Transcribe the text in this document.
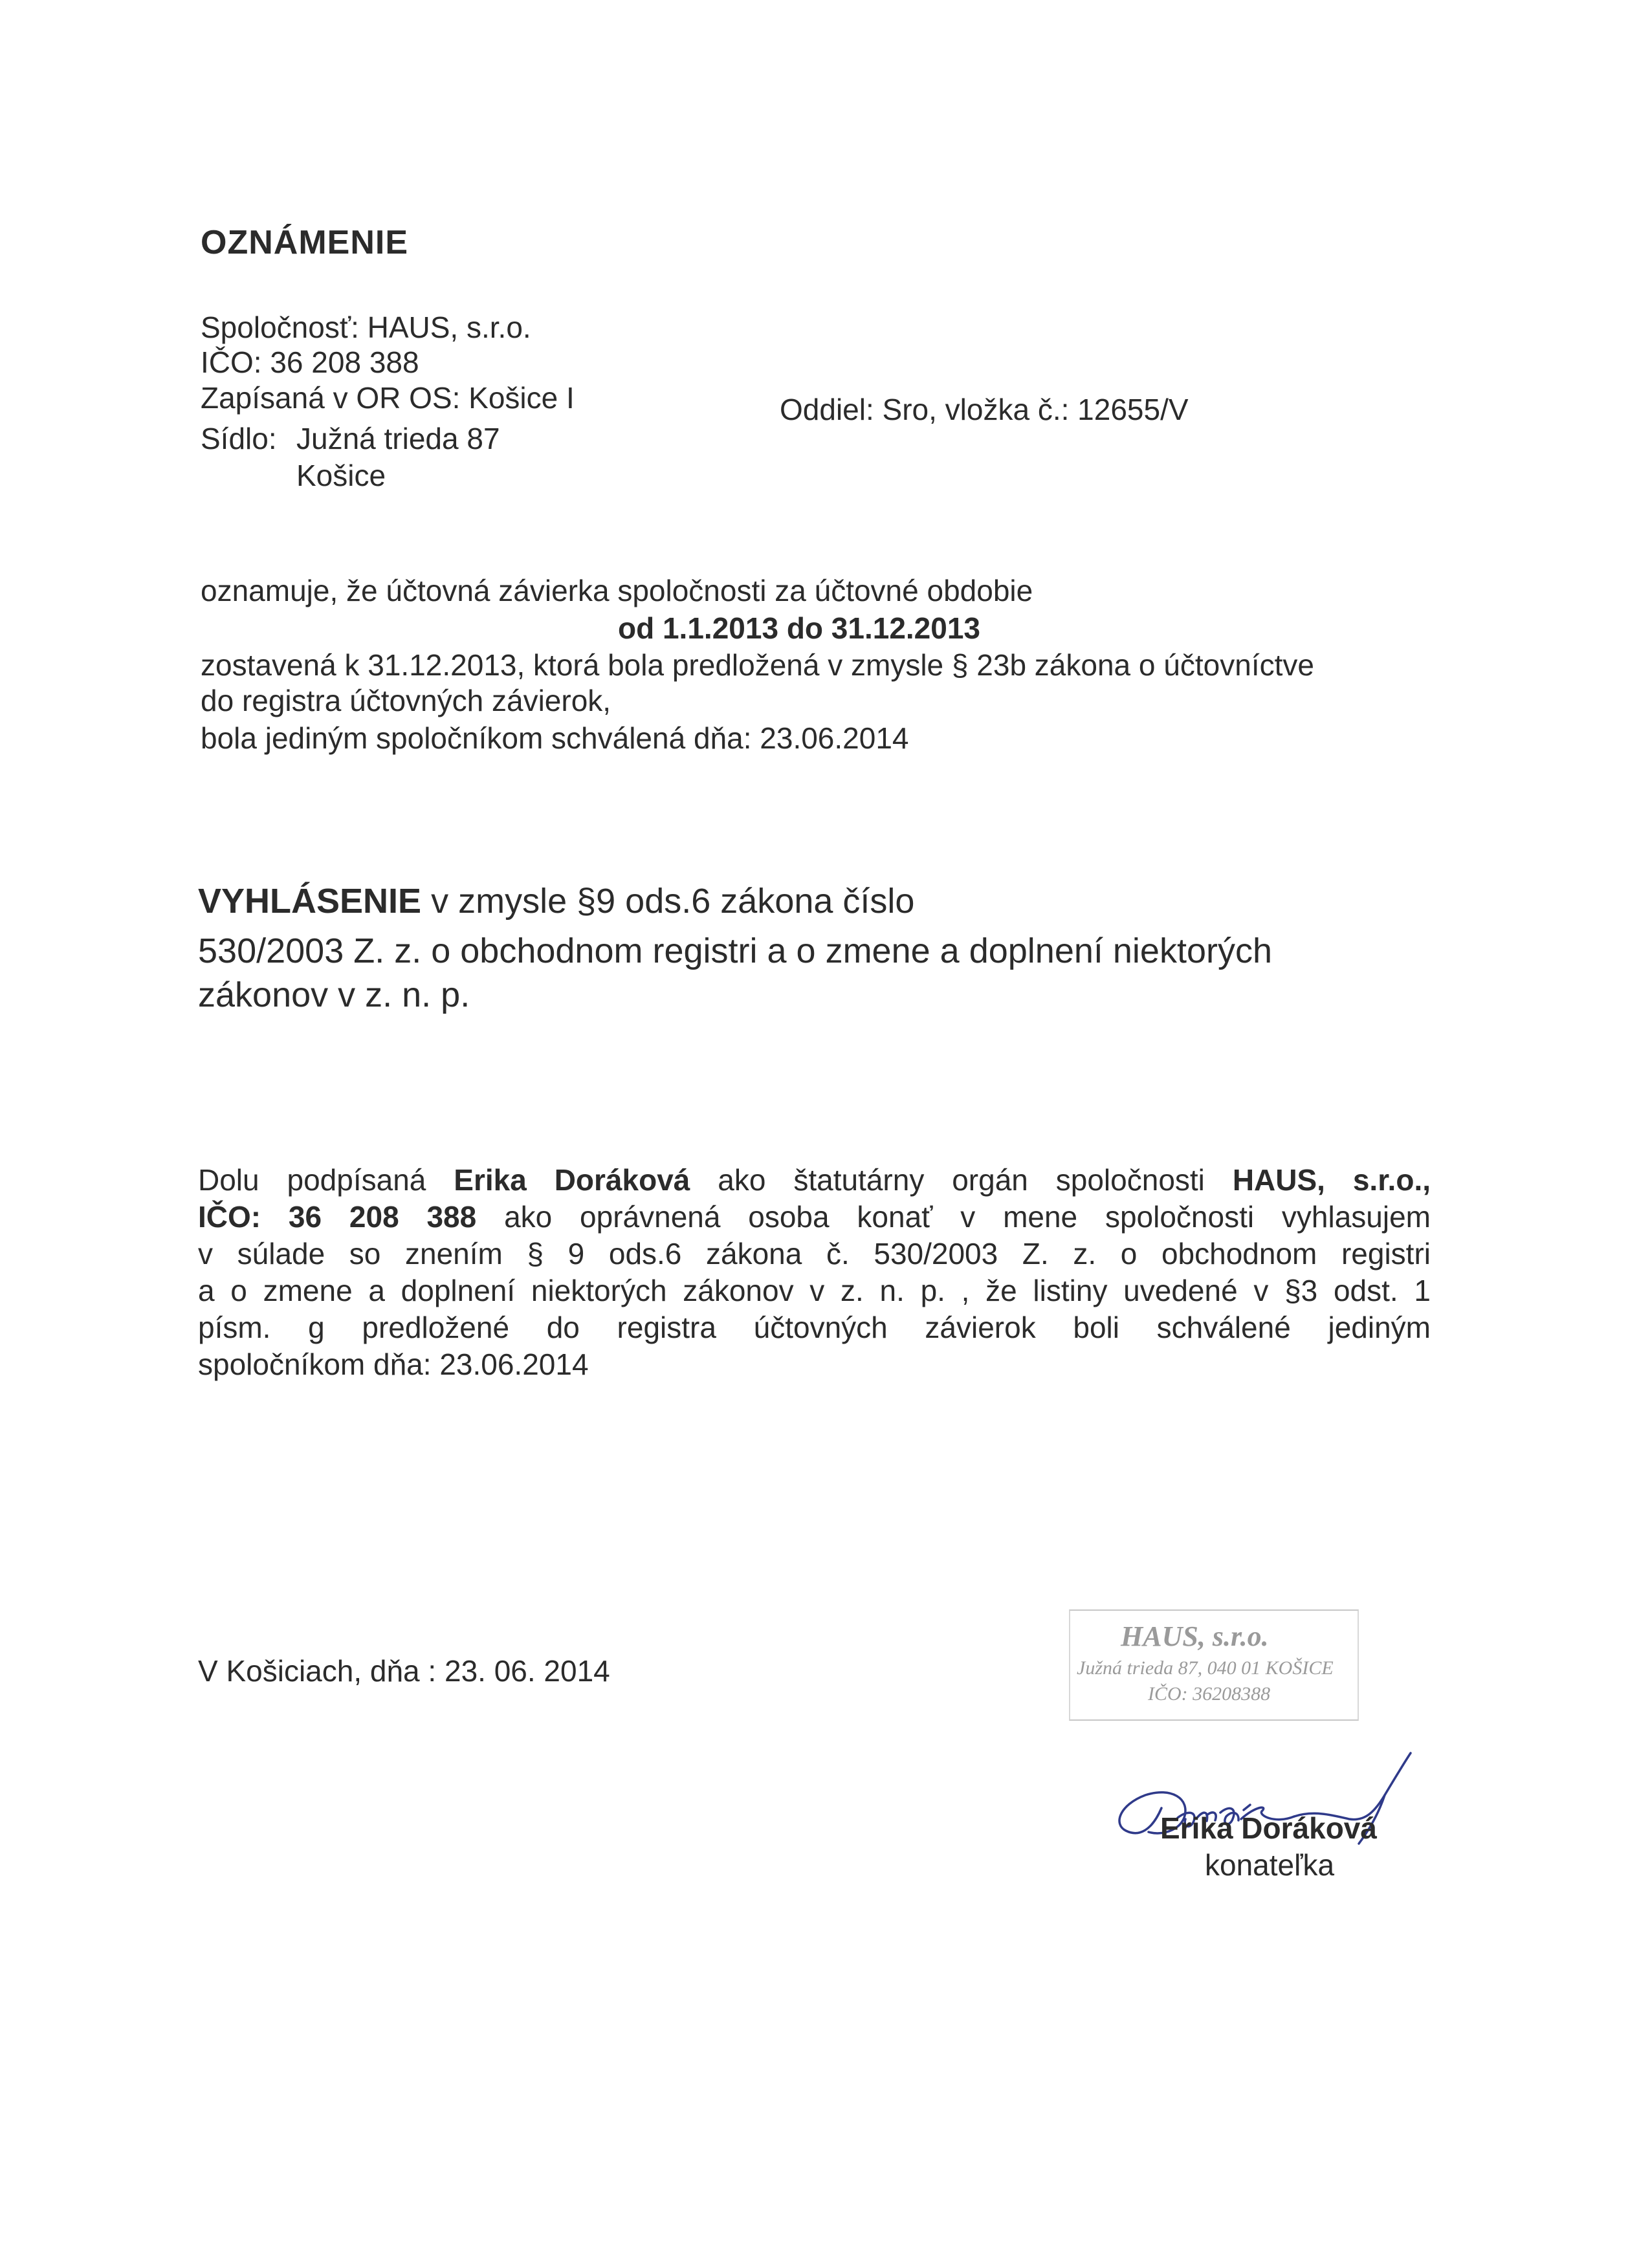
OZNÁMENIE
Spoločnosť: HAUS, s.r.o.
IČO: 36 208 388
Zapísaná v OR OS: Košice I	Oddiel: Sro, vložka č.: 12655/V
Sídlo: Južná trieda 87
Košice
oznamuje, že účtovná závierka spoločnosti za účtovné obdobie
od 1.1.2013 do 31.12.2013
zostavená k 31.12.2013, ktorá bola predložená v zmysle § 23b zákona o účtovníctve
do registra účtovných závierok,
bola jediným spoločníkom schválená dňa: 23.06.2014
VYHLÁSENIE v zmysle §9 ods.6 zákona číslo
530/2003 Z. z. o obchodnom registri a o zmene a doplnení niektorých
zákonov v z. n. p.
Dolu podpísaná Erika Doráková ako štatutárny orgán spoločnosti HAUS, s.r.o.,
IČO: 36 208 388 ako oprávnená osoba konať v mene spoločnosti vyhlasujem
v súlade so znením § 9 ods.6 zákona č. 530/2003 Z. z. o obchodnom registri
a o zmene a doplnení niektorých zákonov v z. n. p. , že listiny uvedené v §3 odst. 1
písm. g predložené do registra účtovných závierok boli schválené jediným
spoločníkom dňa: 23.06.2014
V Košiciach, dňa : 23. 06. 2014
HAUS, s.r.o.
Južná trieda 87, 040 01 KOŠICE
IČO: 36208388
Erika Doráková
konateľka
